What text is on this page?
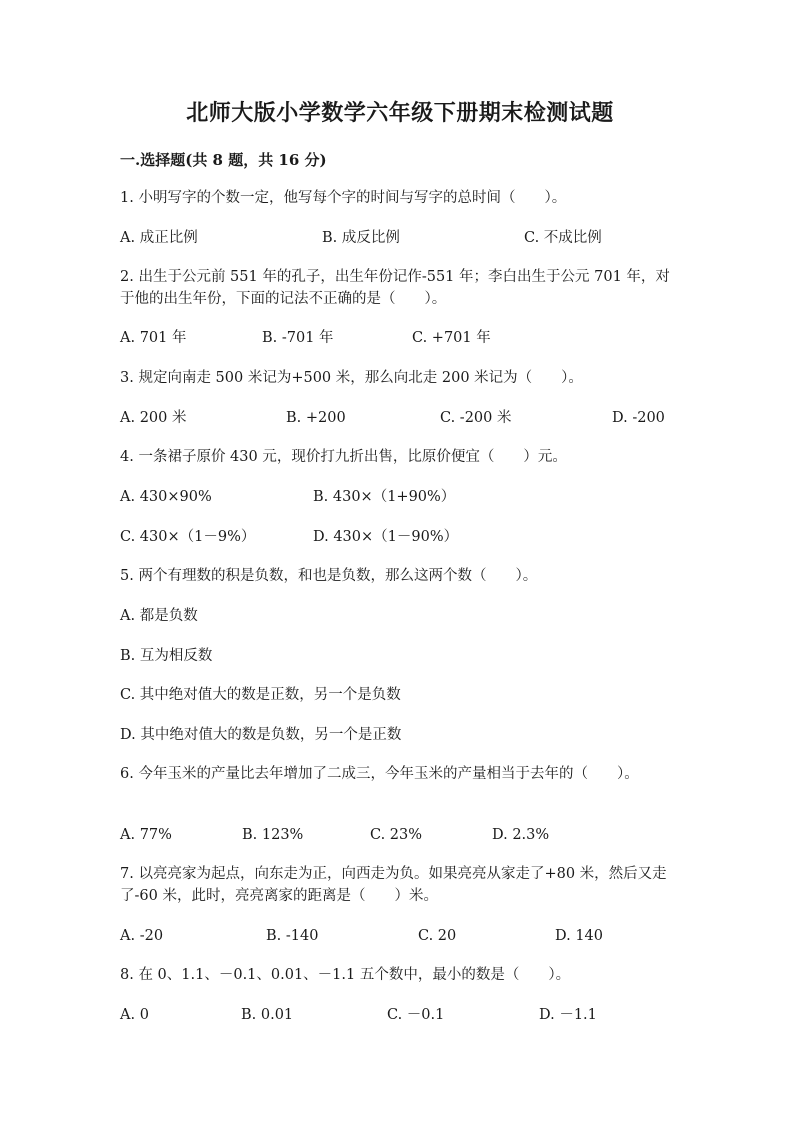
北师大版小学数学六年级下册期末检测试题
一.选择题(共 8 题，共 16 分)
1. 小明写字的个数一定，他写每个字的时间与写字的总时间（　　）。
A. 成正比例	B. 成反比例	C. 不成比例
2. 出生于公元前 551 年的孔子，出生年份记作-551 年；李白出生于公元 701 年，对于他的出生年份，下面的记法不正确的是（　　）。
A. 701 年	B. -701 年	C. +701 年
3. 规定向南走 500 米记为+500 米，那么向北走 200 米记为（　　）。
A. 200 米	B. +200	C. -200 米	D. -200
4. 一条裙子原价 430 元，现价打九折出售，比原价便宜（　　）元。
A. 430×90%	B. 430×（1+90%）
C. 430×（1－9%）	D. 430×（1－90%）
5. 两个有理数的积是负数，和也是负数，那么这两个数（　　）。
A. 都是负数
B. 互为相反数
C. 其中绝对值大的数是正数，另一个是负数
D. 其中绝对值大的数是负数，另一个是正数
6. 今年玉米的产量比去年增加了二成三，今年玉米的产量相当于去年的（　　）。
A. 77%	B. 123%	C. 23%	D. 2.3%
7. 以亮亮家为起点，向东走为正，向西走为负。如果亮亮从家走了+80 米，然后又走了-60 米，此时，亮亮离家的距离是（　　）米。
A. -20	B. -140	C. 20	D. 140
8. 在 0、1.1、－0.1、0.01、－1.1 五个数中，最小的数是（　　）。
A. 0	B. 0.01	C. －0.1	D. －1.1
